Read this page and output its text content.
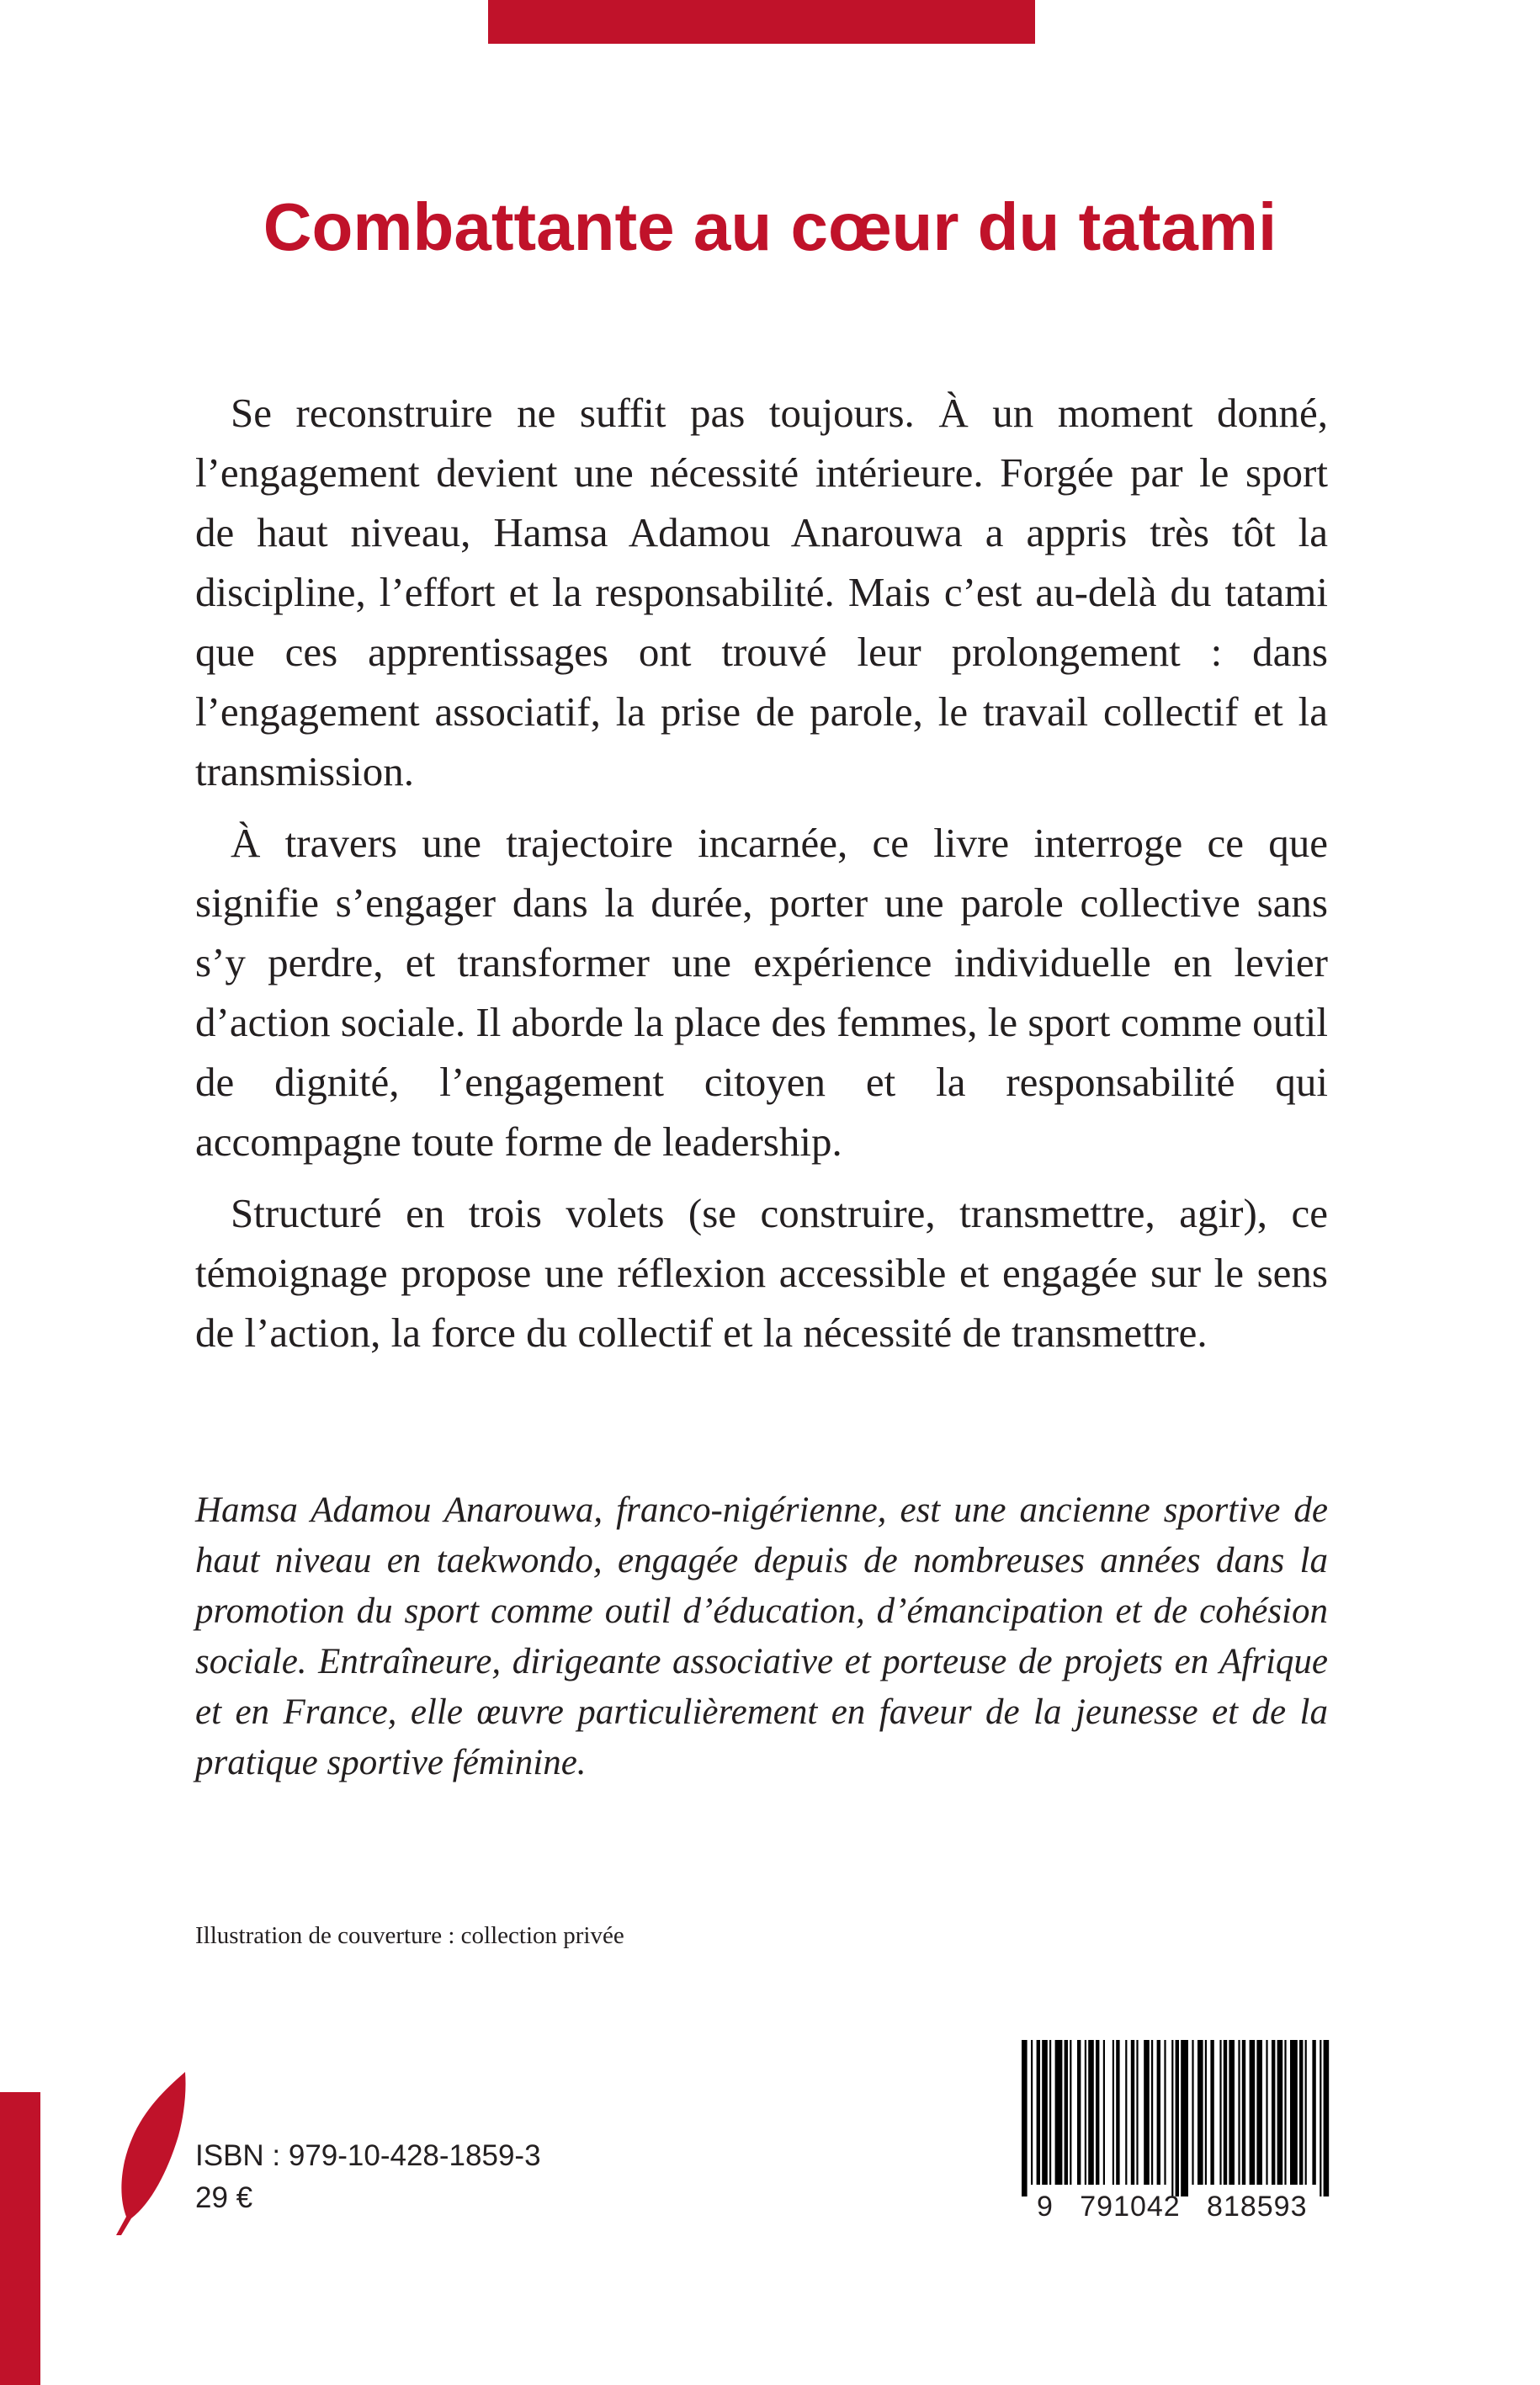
Combattante au cœur du tatami

Se reconstruire ne suffit pas toujours. À un moment donné, l’engagement devient une nécessité intérieure. Forgée par le sport de haut niveau, Hamsa Adamou Anarouwa a appris très tôt la discipline, l’effort et la responsabilité. Mais c’est au-delà du tatami que ces apprentissages ont trouvé leur prolongement : dans l’engagement associatif, la prise de parole, le travail collectif et la transmission.

À travers une trajectoire incarnée, ce livre interroge ce que signifie s’engager dans la durée, porter une parole collective sans s’y perdre, et transformer une expérience individuelle en levier d’action sociale. Il aborde la place des femmes, le sport comme outil de dignité, l’engagement citoyen et la responsabilité qui accompagne toute forme de leadership.

Structuré en trois volets (se construire, transmettre, agir), ce témoignage propose une réflexion accessible et engagée sur le sens de l’action, la force du collectif et la nécessité de transmettre.

Hamsa Adamou Anarouwa, franco-nigérienne, est une ancienne sportive de haut niveau en taekwondo, engagée depuis de nombreuses années dans la promotion du sport comme outil d’éducation, d’émancipation et de cohésion sociale. Entraîneure, dirigeante associative et porteuse de projets en Afrique et en France, elle œuvre particulièrement en faveur de la jeunesse et de la pratique sportive féminine.

Illustration de couverture : collection privée

ISBN : 979-10-428-1859-3

29 €	9   791042   818593
